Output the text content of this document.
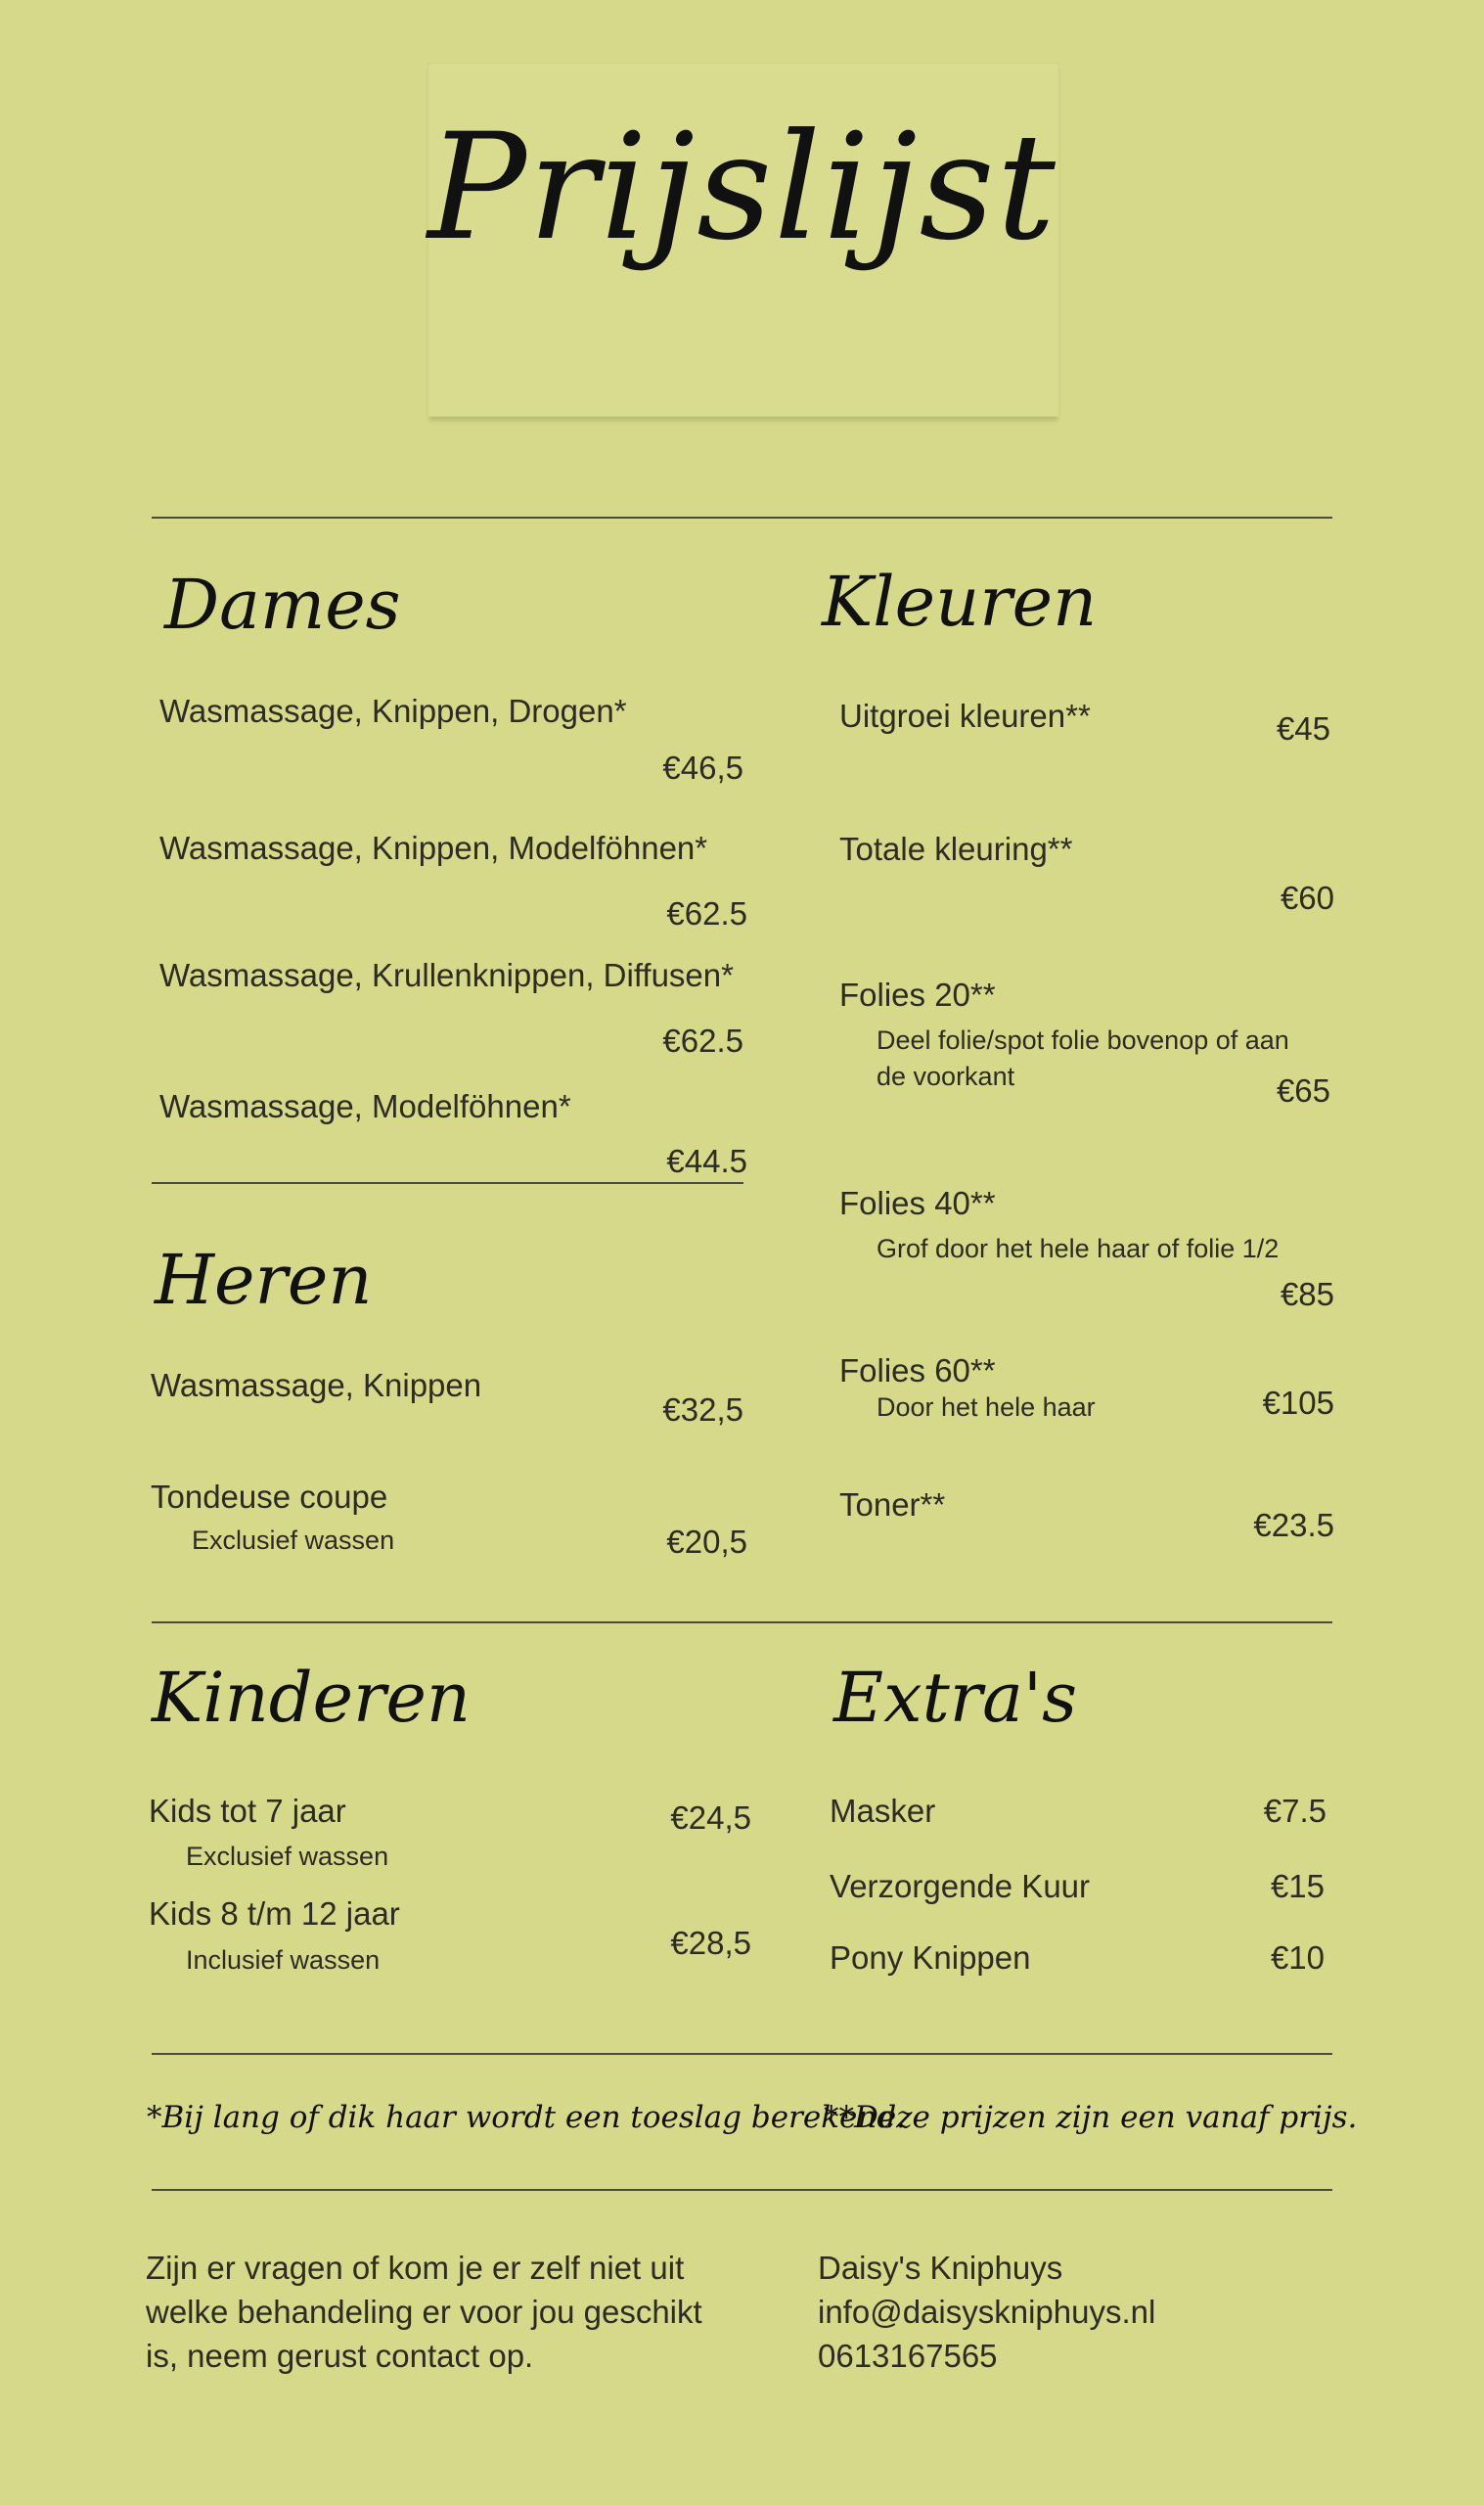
Prijslijst
Dames
Wasmassage, Knippen, Drogen*
€46,5
Wasmassage, Knippen, Modelföhnen*
€62.5
Wasmassage, Krullenknippen, Diffusen*
€62.5
Wasmassage, Modelföhnen*
€44.5
Heren
Wasmassage, Knippen
€32,5
Tondeuse coupe
Exclusief wassen	€20,5
Kleuren
Uitgroei kleuren**	€45
Totale kleuring**
€60
Folies 20**
Deel folie/spot folie bovenop of aan
de voorkant	€65
Folies 40**
Grof door het hele haar of folie 1/2
€85
Folies 60**
Door het hele haar	€105
Toner**
€23.5
Kinderen
Kids tot 7 jaar
Exclusief wassen
€24,5
Kids 8 t/m 12 jaar
Inclusief wassen	€28,5
Extra's
Masker	€7.5
Verzorgende Kuur	€15
Pony Knippen	€10
*Bij lang of dik haar wordt een toeslag berekend.
**Deze prijzen zijn een vanaf prijs.
Zijn er vragen of kom je er zelf niet uit
welke behandeling er voor jou geschikt
is, neem gerust contact op.
Daisy's Kniphuys
info@daisyskniphuys.nl
0613167565
